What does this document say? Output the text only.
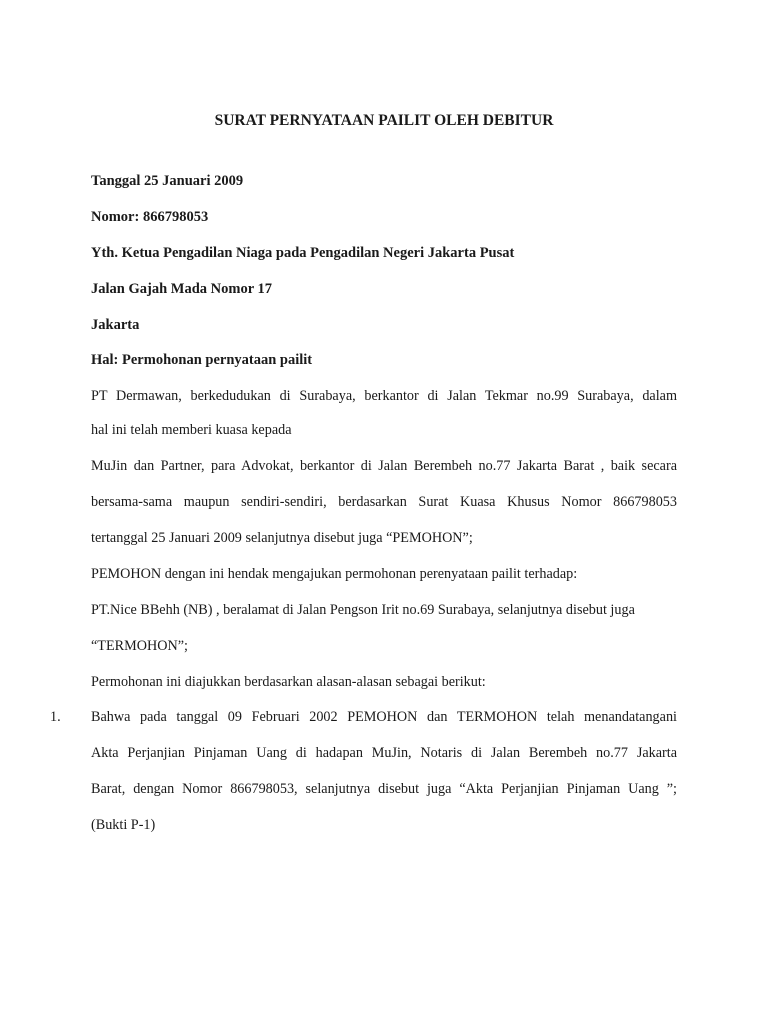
SURAT PERNYATAAN PAILIT OLEH DEBITUR

Tanggal 25 Januari 2009

Nomor: 866798053

Yth. Ketua Pengadilan Niaga pada Pengadilan Negeri Jakarta Pusat

Jalan Gajah Mada Nomor 17

Jakarta

Hal: Permohonan pernyataan pailit

PT Dermawan, berkedudukan di Surabaya, berkantor di Jalan Tekmar no.99 Surabaya, dalam

hal ini telah memberi kuasa kepada

MuJin dan Partner, para Advokat, berkantor di Jalan Berembeh no.77 Jakarta Barat , baik secara
bersama-sama maupun sendiri-sendiri, berdasarkan Surat Kuasa Khusus Nomor 866798053

tertanggal 25 Januari 2009 selanjutnya disebut juga “PEMOHON”;

PEMOHON dengan ini hendak mengajukan permohonan perenyataan pailit terhadap:

PT.Nice BBehh (NB) , beralamat di Jalan Pengson Irit no.69 Surabaya, selanjutnya disebut juga

“TERMOHON”;

Permohonan ini diajukkan berdasarkan alasan-alasan sebagai berikut:

1. Bahwa pada tanggal 09 Februari 2002 PEMOHON dan TERMOHON telah menandatangani
Akta Perjanjian Pinjaman Uang di hadapan MuJin, Notaris di Jalan Berembeh no.77 Jakarta
Barat, dengan Nomor 866798053, selanjutnya disebut juga “Akta Perjanjian Pinjaman Uang ”;

(Bukti P-1)
